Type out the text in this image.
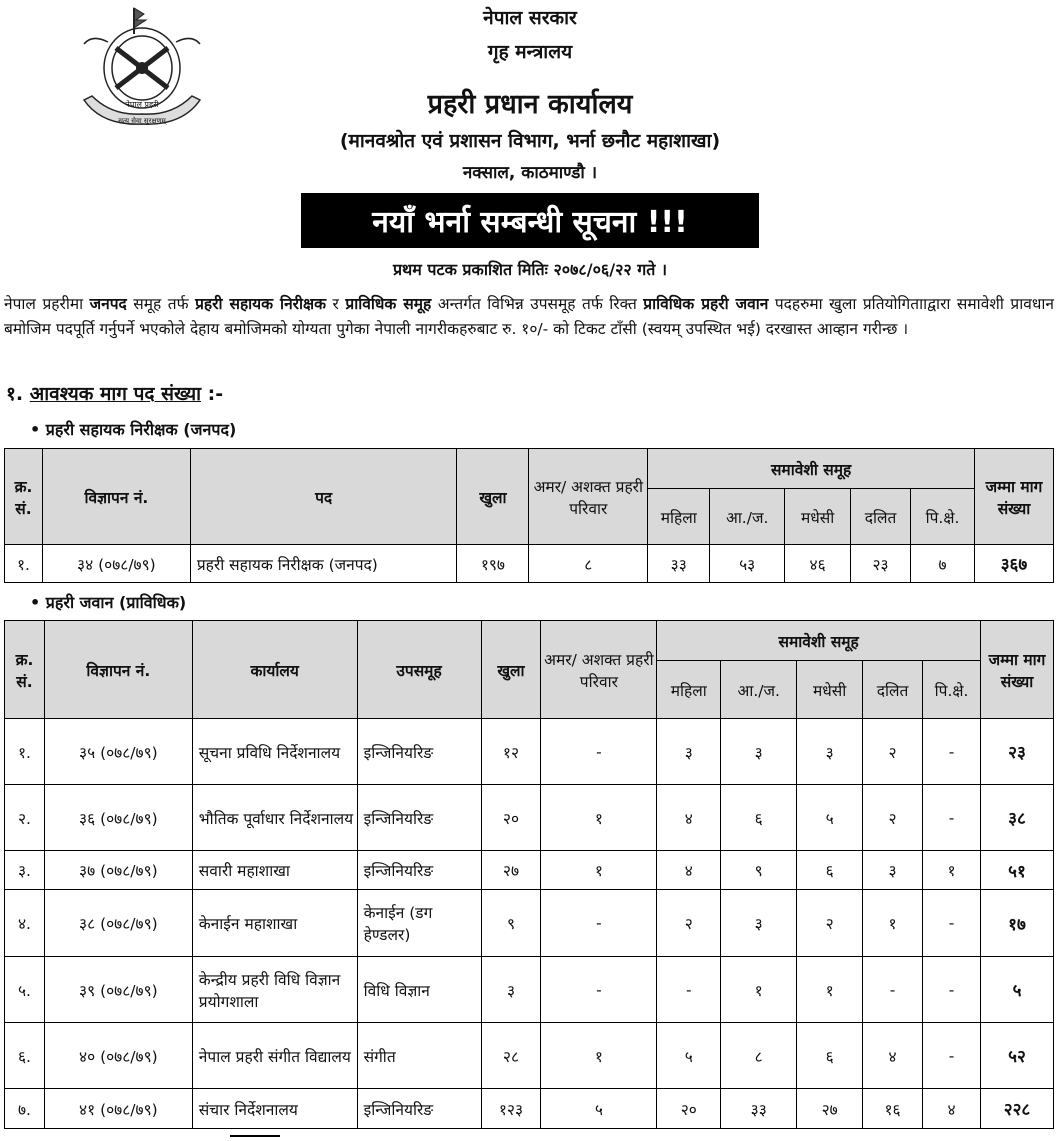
नेपाल प्रहरी
सत्य सेवा सुरक्षणम्
नेपाल सरकार
गृह मन्त्रालय
प्रहरी प्रधान कार्यालय
(मानवश्रोत एवं प्रशासन विभाग, भर्ना छनौट महाशाखा)
नक्साल, काठमाण्डौ ।
नयाँ भर्ना सम्बन्धी सूचना !!!
प्रथम पटक प्रकाशित मितिः २०७८/०६/२२ गते ।
नेपाल प्रहरीमा जनपद समूह तर्फ प्रहरी सहायक निरीक्षक र प्राविधिक समूह अन्तर्गत विभिन्न उपसमूह तर्फ रिक्त प्राविधिक प्रहरी जवान पदहरुमा खुला प्रतियोगितााद्वारा समावेशी प्रावधान बमोजिम पदपूर्ति गर्नुपर्ने भएकोले देहाय बमोजिमको योग्यता पुगेका नेपाली नागरीकहरुबाट रु. १०/- को टिकट टाँसी (स्वयम् उपस्थित भई) दरखास्त आव्हान गरीन्छ ।
१. आवश्यक माग पद संख्या :-
• प्रहरी सहायक निरीक्षक (जनपद)
क्र. सं.	विज्ञापन नं.	पद	खुला	अमर/ अशक्त प्रहरी परिवार	समावेशी समूह					जम्मा माग संख्या
					महिला	आ./ज.	मधेसी	दलित	पि.क्षे.	
१.	३४ (०७८/७९)	प्रहरी सहायक निरीक्षक (जनपद)	१९७	८	३३	५३	४६	२३	७	३६७
• प्रहरी जवान (प्राविधिक)
क्र. सं.	विज्ञापन नं.	कार्यालय	उपसमूह	खुला	अमर/ अशक्त प्रहरी परिवार	समावेशी समूह					जम्मा माग संख्या
						महिला	आ./ज.	मधेसी	दलित	पि.क्षे.	
१.	३५ (०७८/७९)	सूचना प्रविधि निर्देशनालय	इन्जिनियरिङ	१२	-	३	३	३	२	-	२३
२.	३६ (०७८/७९)	भौतिक पूर्वाधार निर्देशनालय	इन्जिनियरिङ	२०	१	४	६	५	२	-	३८
३.	३७ (०७८/७९)	सवारी महाशाखा	इन्जिनियरिङ	२७	१	४	९	६	३	१	५१
४.	३८ (०७८/७९)	केनाईन महाशाखा	केनाईन (डग हेण्डलर)	९	-	२	३	२	१	-	१७
५.	३९ (०७८/७९)	केन्द्रीय प्रहरी विधि विज्ञान प्रयोगशाला	विधि विज्ञान	३	-	-	१	१	-	-	५
६.	४० (०७८/७९)	नेपाल प्रहरी संगीत विद्यालय	संगीत	२८	१	५	८	६	४	-	५२
७.	४१ (०७८/७९)	संचार निर्देशनालय	इन्जिनियरिङ	१२३	५	२०	३३	२७	१६	४	२२८
